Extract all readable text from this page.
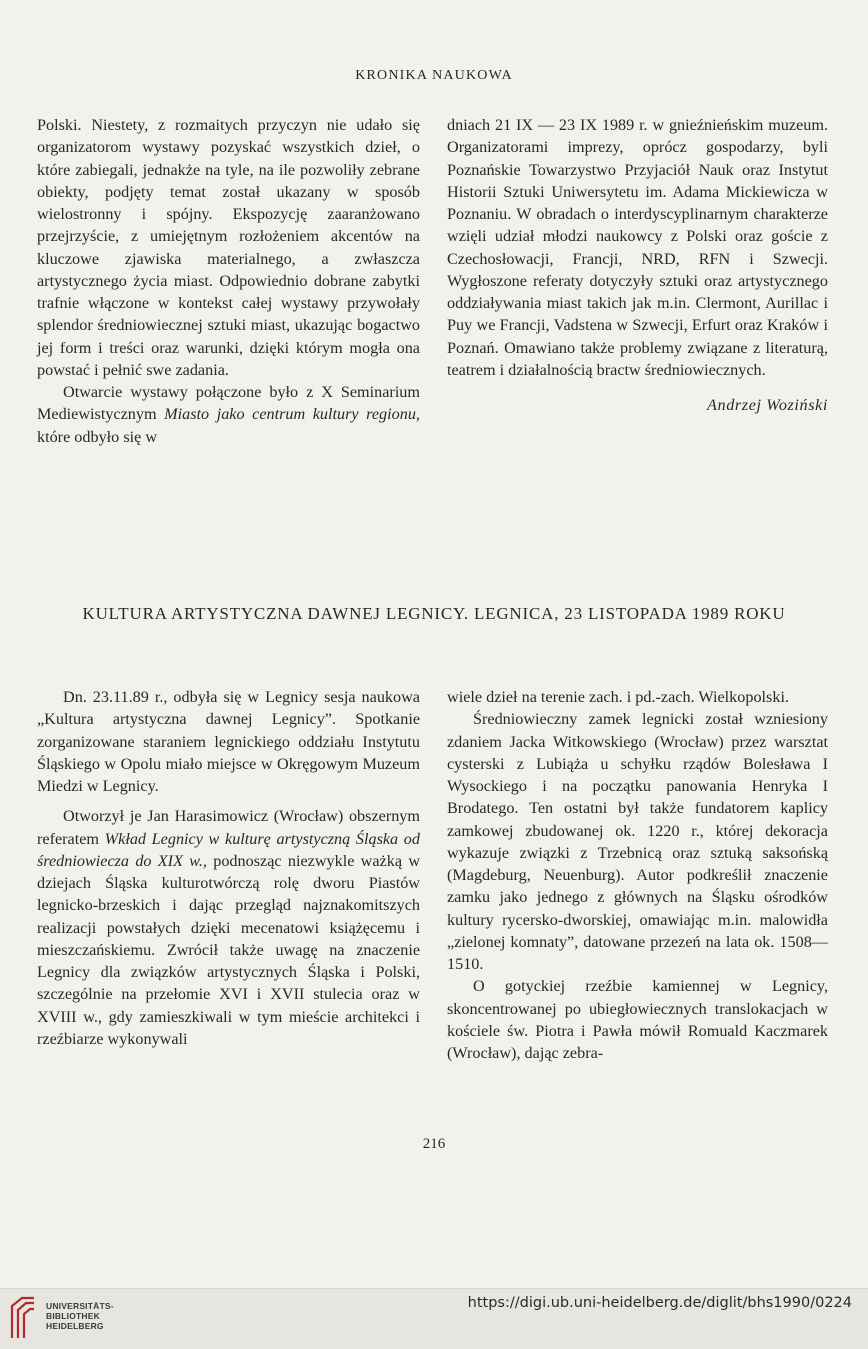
KRONIKA NAUKOWA

Polski. Niestety, z rozmaitych przyczyn nie udało się organizatorom wystawy pozyskać wszystkich dzieł, o które zabiegali, jednakże na tyle, na ile pozwoliły zebrane obiekty, podjęty temat został ukazany w sposób wielostronny i spójny. Ekspozycję zaaranżowano przejrzyście, z umiejętnym rozłożeniem akcentów na kluczowe zjawiska materialnego, a zwłaszcza artystycznego życia miast. Odpowiednio dobrane zabytki trafnie włączone w kontekst całej wystawy przywołały splendor średniowiecznej sztuki miast, ukazując bogactwo jej form i treści oraz warunki, dzięki którym mogła ona powstać i pełnić swe zadania.

Otwarcie wystawy połączone było z X Seminarium Mediewistycznym Miasto jako centrum kultury regionu, które odbyło się w

dniach 21 IX — 23 IX 1989 r. w gnieźnieńskim muzeum. Organizatorami imprezy, oprócz gospodarzy, byli Poznańskie Towarzystwo Przyjaciół Nauk oraz Instytut Historii Sztuki Uniwersytetu im. Adama Mickiewicza w Poznaniu. W obradach o interdyscyplinarnym charakterze wzięli udział młodzi naukowcy z Polski oraz goście z Czechosłowacji, Francji, NRD, RFN i Szwecji. Wygłoszone referaty dotyczyły sztuki oraz artystycznego oddziaływania miast takich jak m.in. Clermont, Aurillac i Puy we Francji, Vadstena w Szwecji, Erfurt oraz Kraków i Poznań. Omawiano także problemy związane z literaturą, teatrem i działalnością bractw średniowiecznych.

Andrzej Woziński
KULTURA ARTYSTYCZNA DAWNEJ LEGNICY. LEGNICA, 23 LISTOPADA 1989 ROKU

Dn. 23.11.89 r., odbyła się w Legnicy sesja naukowa „Kultura artystyczna dawnej Legnicy”. Spotkanie zorganizowane staraniem legnickiego oddziału Instytutu Śląskiego w Opolu miało miejsce w Okręgowym Muzeum Miedzi w Legnicy.

Otworzył je Jan Harasimowicz (Wrocław) obszernym referatem Wkład Legnicy w kulturę artystyczną Śląska od średniowiecza do XIX w., podnosząc niezwykle ważką w dziejach Śląska kulturotwórczą rolę dworu Piastów legnicko-brzeskich i dając przegląd najznakomitszych realizacji powstałych dzięki mecenatowi książęcemu i mieszczańskiemu. Zwrócił także uwagę na znaczenie Legnicy dla związków artystycznych Śląska i Polski, szczególnie na przełomie XVI i XVII stulecia oraz w XVIII w., gdy zamieszkiwali w tym mieście architekci i rzeźbiarze wykonywali

wiele dzieł na terenie zach. i pd.-zach. Wielkopolski.

Średniowieczny zamek legnicki został wzniesiony zdaniem Jacka Witkowskiego (Wrocław) przez warsztat cysterski z Lubiąża u schyłku rządów Bolesława I Wysockiego i na początku panowania Henryka I Brodatego. Ten ostatni był także fundatorem kaplicy zamkowej zbudowanej ok. 1220 r., której dekoracja wykazuje związki z Trzebnicą oraz sztuką saksońską (Magdeburg, Neuenburg). Autor podkreślił znaczenie zamku jako jednego z głównych na Śląsku ośrodków kultury rycersko-dworskiej, omawiając m.in. malowidła „zielonej komnaty”, datowane przezeń na lata ok. 1508—1510.

O gotyckiej rzeźbie kamiennej w Legnicy, skoncentrowanej po ubiegłowiecznych translokacjach w kościele św. Piotra i Pawła mówił Romuald Kaczmarek (Wrocław), dając zebra-

216
UNIVERSITÄTS-
BIBLIOTHEK
HEIDELBERG
https://digi.ub.uni-heidelberg.de/diglit/bhs1990/0224
